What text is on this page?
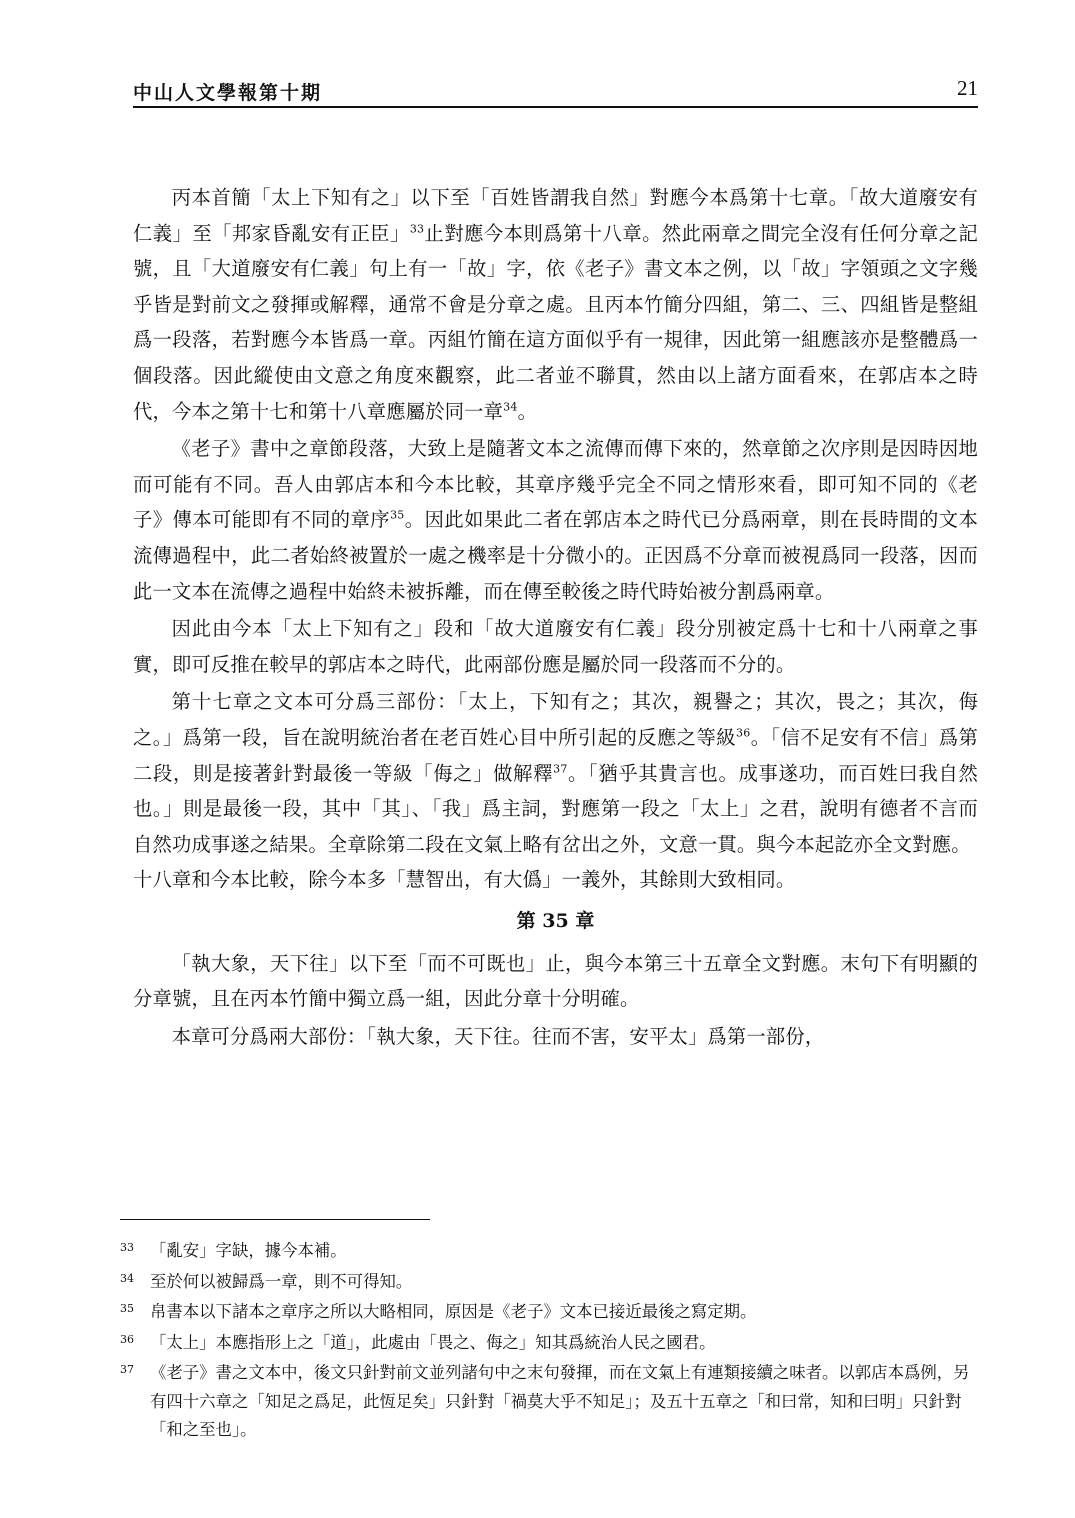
中山人文學報第十期	21

丙本首簡「太上下知有之」以下至「百姓皆謂我自然」對應今本爲第十七章。「故大道廢安有仁義」至「邦家昏亂安有正臣」$^{33}$止對應今本則爲第十八章。然此兩章之間完全沒有任何分章之記號，且「大道廢安有仁義」句上有一「故」字，依《老子》書文本之例，以「故」字領頭之文字幾乎皆是對前文之發揮或解釋，通常不會是分章之處。且丙本竹簡分四組，第二、三、四組皆是整組爲一段落，若對應今本皆爲一章。丙組竹簡在這方面似乎有一規律，因此第一組應該亦是整體爲一個段落。因此縱使由文意之角度來觀察，此二者並不聯貫，然由以上諸方面看來，在郭店本之時代，今本之第十七和第十八章應屬於同一章$^{34}$。

《老子》書中之章節段落，大致上是隨著文本之流傳而傳下來的，然章節之次序則是因時因地而可能有不同。吾人由郭店本和今本比較，其章序幾乎完全不同之情形來看，即可知不同的《老子》傳本可能即有不同的章序$^{35}$。因此如果此二者在郭店本之時代已分爲兩章，則在長時間的文本流傳過程中，此二者始終被置於一處之機率是十分微小的。正因爲不分章而被視爲同一段落，因而此一文本在流傳之過程中始終未被拆離，而在傳至較後之時代時始被分割爲兩章。

因此由今本「太上下知有之」段和「故大道廢安有仁義」段分別被定爲十七和十八兩章之事實，即可反推在較早的郭店本之時代，此兩部份應是屬於同一段落而不分的。

第十七章之文本可分爲三部份：「太上，下知有之；其次，親譽之；其次，畏之；其次，侮之。」爲第一段，旨在說明統治者在老百姓心目中所引起的反應之等級$^{36}$。「信不足安有不信」爲第二段，則是接著針對最後一等級「侮之」做解釋$^{37}$。「猶乎其貴言也。成事遂功，而百姓曰我自然也。」則是最後一段，其中「其」、「我」爲主詞，對應第一段之「太上」之君，說明有德者不言而自然功成事遂之結果。全章除第二段在文氣上略有岔出之外，文意一貫。與今本起訖亦全文對應。

十八章和今本比較，除今本多「慧智出，有大僞」一義外，其餘則大致相同。

第 35 章

「執大象，天下往」以下至「而不可既也」止，與今本第三十五章全文對應。末句下有明顯的分章號，且在丙本竹簡中獨立爲一組，因此分章十分明確。

本章可分爲兩大部份：「執大象，天下往。往而不害，安平太」爲第一部份，

33 「亂安」字缺，據今本補。
34 至於何以被歸爲一章，則不可得知。
35 帛書本以下諸本之章序之所以大略相同，原因是《老子》文本已接近最後之寫定期。
36 「太上」本應指形上之「道」，此處由「畏之、侮之」知其爲統治人民之國君。
37 《老子》書之文本中，後文只針對前文並列諸句中之末句發揮，而在文氣上有連類接續之味者。以郭店本爲例，另有四十六章之「知足之爲足，此恆足矣」只針對「禍莫大乎不知足」；及五十五章之「和曰常，知和曰明」只針對「和之至也」。
